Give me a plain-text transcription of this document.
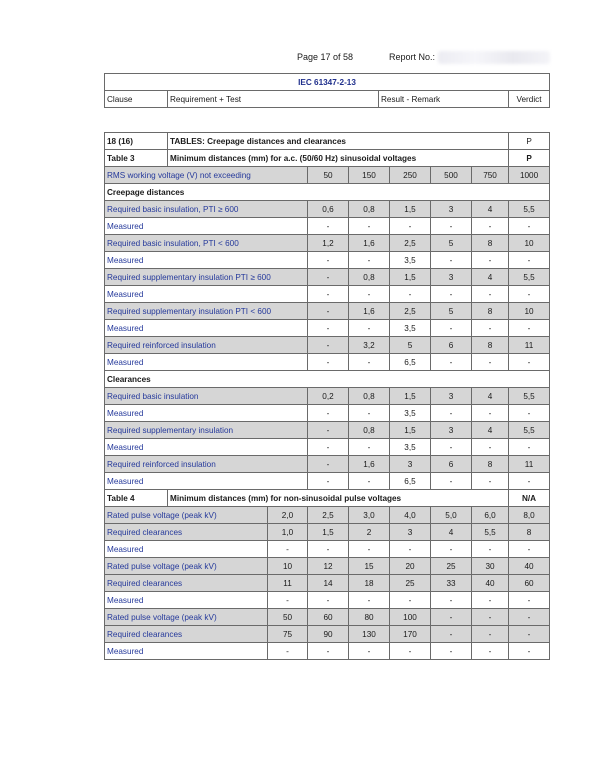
Page 17 of 58	Report No.:
IEC 61347-2-13
Clause	Requirement + Test	Result - Remark	Verdict
18 (16)	TABLES: Creepage distances and clearances							P
Table 3	Minimum distances (mm) for a.c. (50/60 Hz) sinusoidal voltages							P
RMS working voltage (V) not exceeding			50	150	250	500	750	1000
Creepage distances								
Required basic insulation, PTI ≥ 600			0,6	0,8	1,5	3	4	5,5
Measured			-	-	-	-	-	-
Required basic insulation, PTI < 600			1,2	1,6	2,5	5	8	10
Measured			-	-	3,5	-	-	-
Required supplementary insulation PTI ≥ 600			-	0,8	1,5	3	4	5,5
Measured			-	-	-	-	-	-
Required supplementary insulation PTI < 600			-	1,6	2,5	5	8	10
Measured			-	-	3,5	-	-	-
Required reinforced insulation			-	3,2	5	6	8	11
Measured			-	-	6,5	-	-	-
Clearances								
Required basic insulation			0,2	0,8	1,5	3	4	5,5
Measured			-	-	3,5	-	-	-
Required supplementary insulation			-	0,8	1,5	3	4	5,5
Measured			-	-	3,5	-	-	-
Required reinforced insulation			-	1,6	3	6	8	11
Measured			-	-	6,5	-	-	-
Table 4	Minimum distances (mm) for non-sinusoidal pulse voltages							N/A
Rated pulse voltage (peak kV)		2,0	2,5	3,0	4,0	5,0	6,0	8,0
Required clearances		1,0	1,5	2	3	4	5,5	8
Measured		-	-	-	-	-	-	-
Rated pulse voltage (peak kV)		10	12	15	20	25	30	40
Required clearances		11	14	18	25	33	40	60
Measured		-	-	-	-	-	-	-
Rated pulse voltage (peak kV)		50	60	80	100	-	-	-
Required clearances		75	90	130	170	-	-	-
Measured		-	-	-	-	-	-	-
